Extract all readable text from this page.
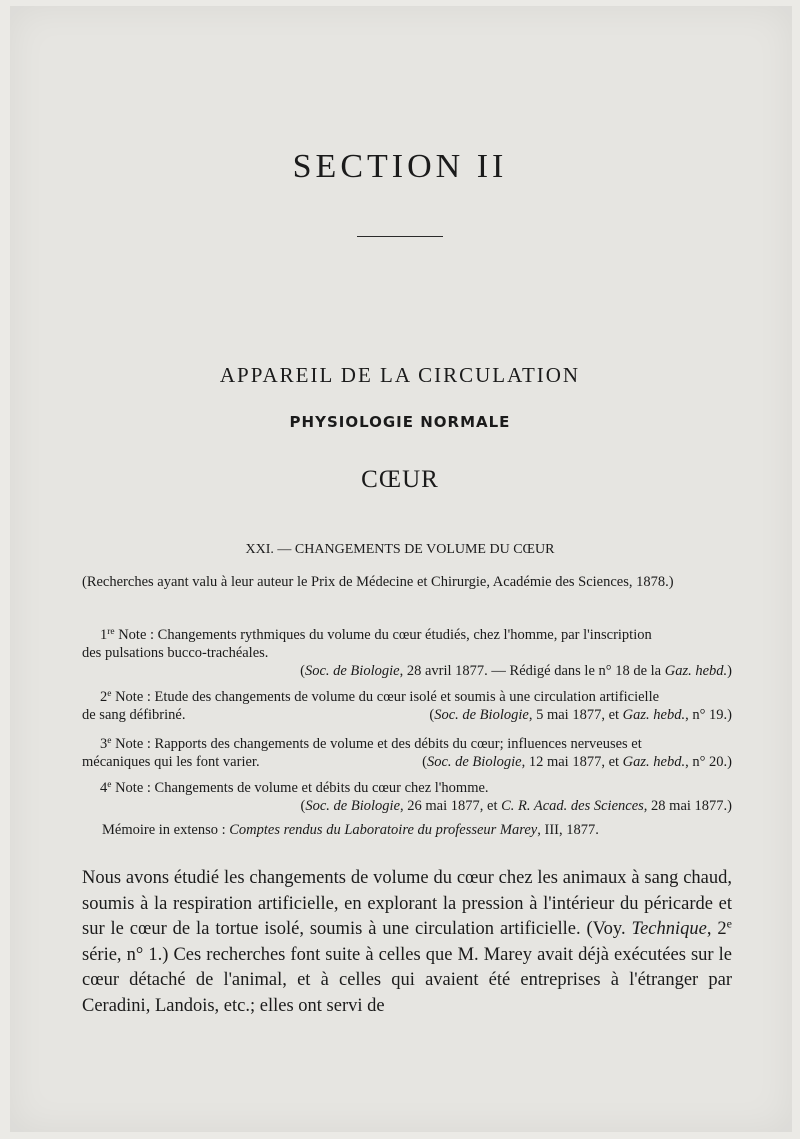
SECTION II
APPAREIL DE LA CIRCULATION
PHYSIOLOGIE NORMALE
CŒUR
XXI. — CHANGEMENTS DE VOLUME DU CŒUR
(Recherches ayant valu à leur auteur le Prix de Médecine et Chirurgie, Académie des Sciences, 1878.)
1re Note : Changements rythmiques du volume du cœur étudiés, chez l'homme, par l'inscription
des pulsations bucco-trachéales.
(Soc. de Biologie, 28 avril 1877. — Rédigé dans le n° 18 de la Gaz. hebd.)
2e Note : Etude des changements de volume du cœur isolé et soumis à une circulation artificielle
de sang défibriné.	(Soc. de Biologie, 5 mai 1877, et Gaz. hebd., n° 19.)
3e Note : Rapports des changements de volume et des débits du cœur; influences nerveuses et
mécaniques qui les font varier.	(Soc. de Biologie, 12 mai 1877, et Gaz. hebd., n° 20.)
4e Note : Changements de volume et débits du cœur chez l'homme.
(Soc. de Biologie, 26 mai 1877, et C. R. Acad. des Sciences, 28 mai 1877.)
Mémoire in extenso : Comptes rendus du Laboratoire du professeur Marey, III, 1877.

Nous avons étudié les changements de volume du cœur chez les animaux à sang chaud, soumis à la respiration artificielle, en explorant la pression à l'intérieur du péricarde et sur le cœur de la tortue isolé, soumis à une circulation artificielle. (Voy. Technique, 2e série, n° 1.) Ces recherches font suite à celles que M. Marey avait déjà exécutées sur le cœur détaché de l'animal, et à celles qui avaient été entreprises à l'étranger par Ceradini, Landois, etc.; elles ont servi de
